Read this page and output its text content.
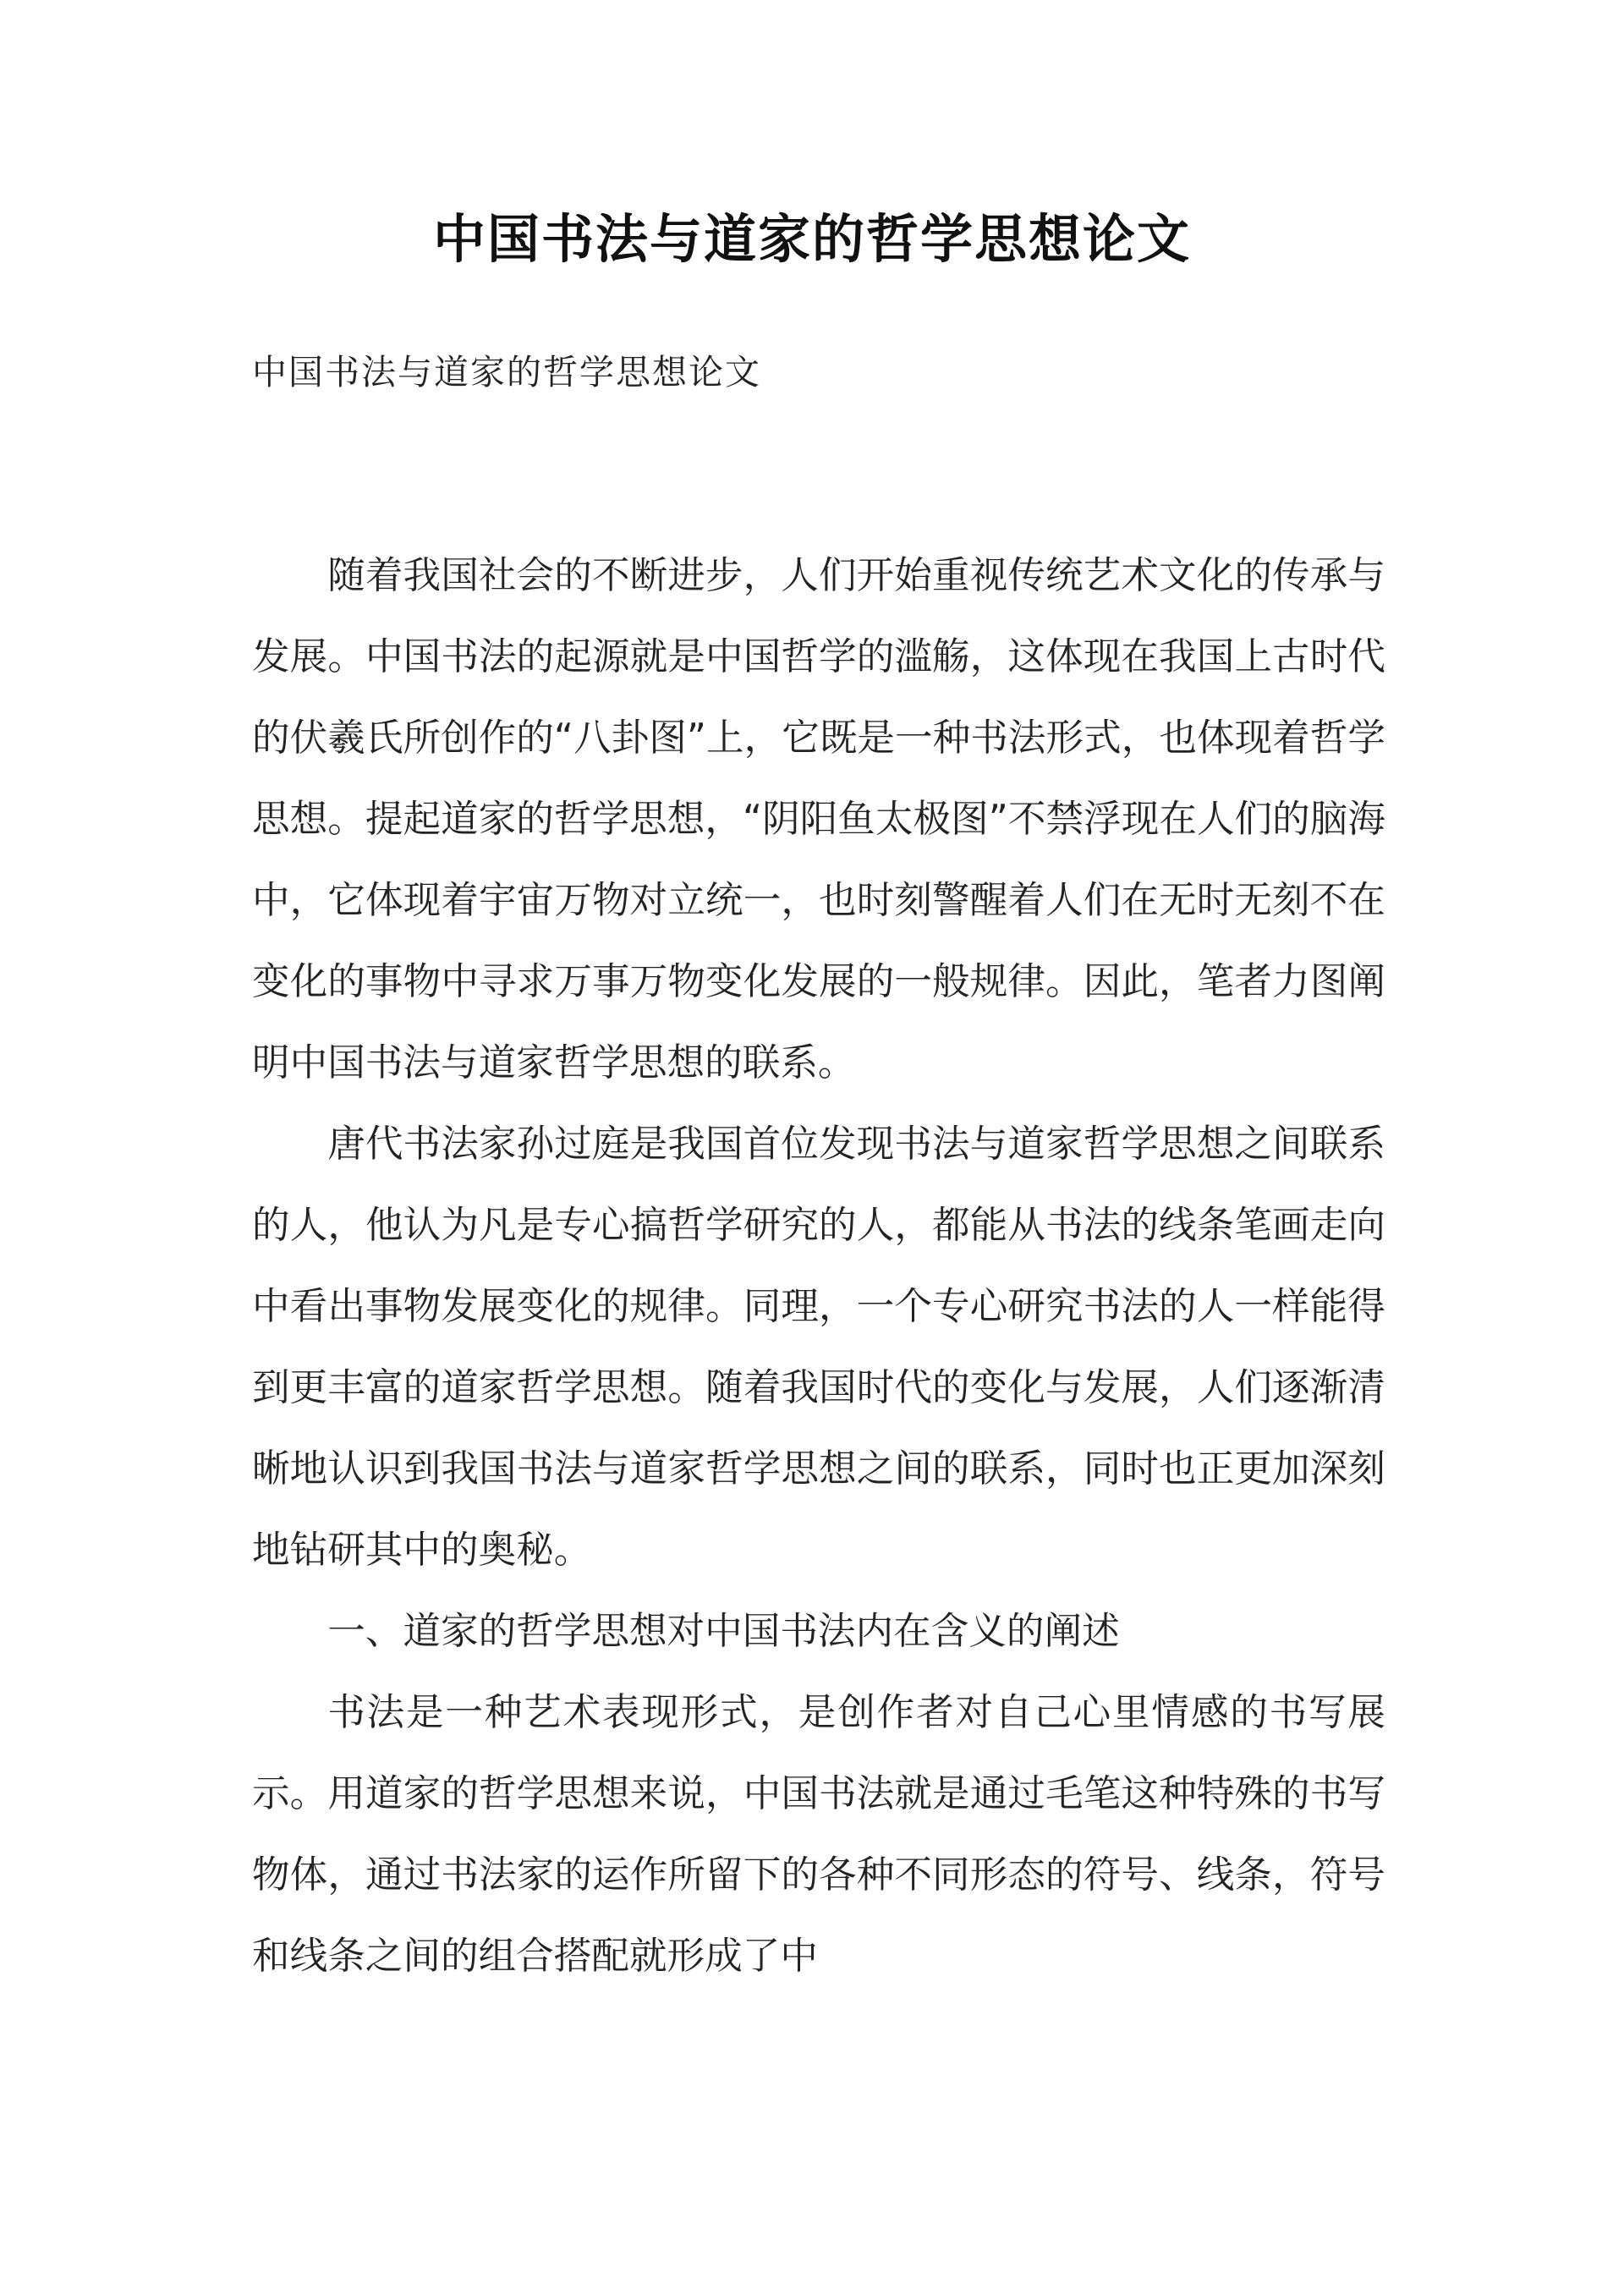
中国书法与道家的哲学思想论文
中国书法与道家的哲学思想论文

随着我国社会的不断进步，人们开始重视传统艺术文化的传承与发展。中国书法的起源就是中国哲学的滥觞，这体现在我国上古时代的伏羲氏所创作的“八卦图”上，它既是一种书法形式，也体现着哲学思想。提起道家的哲学思想，“阴阳鱼太极图”不禁浮现在人们的脑海中，它体现着宇宙万物对立统一，也时刻警醒着人们在无时无刻不在变化的事物中寻求万事万物变化发展的一般规律。因此，笔者力图阐明中国书法与道家哲学思想的联系。

唐代书法家孙过庭是我国首位发现书法与道家哲学思想之间联系的人，他认为凡是专心搞哲学研究的人，都能从书法的线条笔画走向中看出事物发展变化的规律。同理，一个专心研究书法的人一样能得到更丰富的道家哲学思想。随着我国时代的变化与发展，人们逐渐清晰地认识到我国书法与道家哲学思想之间的联系，同时也正更加深刻地钻研其中的奥秘。

一、道家的哲学思想对中国书法内在含义的阐述

书法是一种艺术表现形式，是创作者对自己心里情感的书写展示。用道家的哲学思想来说，中国书法就是通过毛笔这种特殊的书写物体，通过书法家的运作所留下的各种不同形态的符号、线条，符号和线条之间的组合搭配就形成了中
